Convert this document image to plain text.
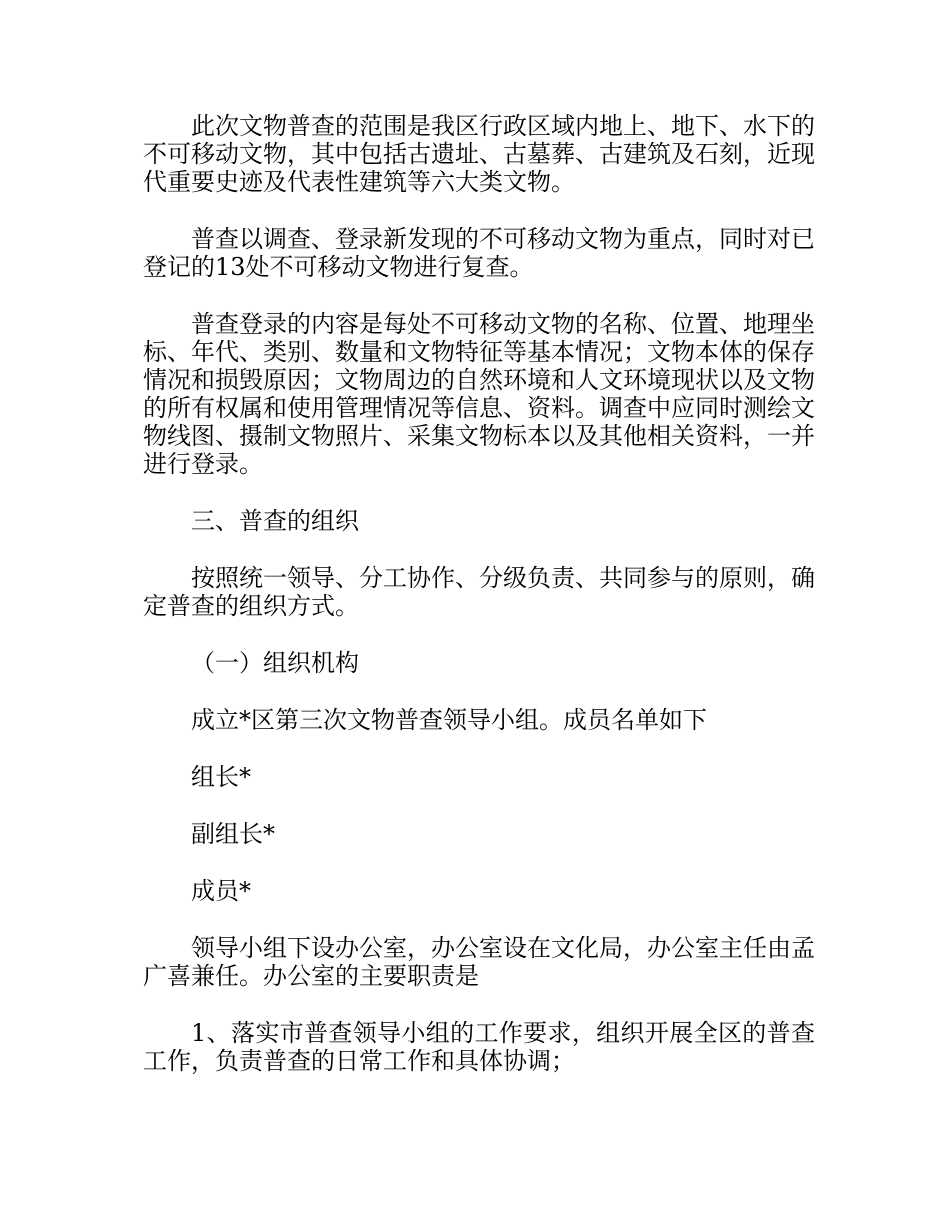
此次文物普查的范围是我区行政区域内地上、地下、水下的不可移动文物，其中包括古遗址、古墓葬、古建筑及石刻，近现代重要史迹及代表性建筑等六大类文物。

普查以调查、登录新发现的不可移动文物为重点，同时对已登记的13处不可移动文物进行复查。

普查登录的内容是每处不可移动文物的名称、位置、地理坐标、年代、类别、数量和文物特征等基本情况；文物本体的保存情况和损毁原因；文物周边的自然环境和人文环境现状以及文物的所有权属和使用管理情况等信息、资料。调查中应同时测绘文物线图、摄制文物照片、采集文物标本以及其他相关资料，一并进行登录。

三、普查的组织

按照统一领导、分工协作、分级负责、共同参与的原则，确定普查的组织方式。

（一）组织机构

成立*区第三次文物普查领导小组。成员名单如下

组长*

副组长*

成员*

领导小组下设办公室，办公室设在文化局，办公室主任由孟广喜兼任。办公室的主要职责是

1、落实市普查领导小组的工作要求，组织开展全区的普查工作，负责普查的日常工作和具体协调；
